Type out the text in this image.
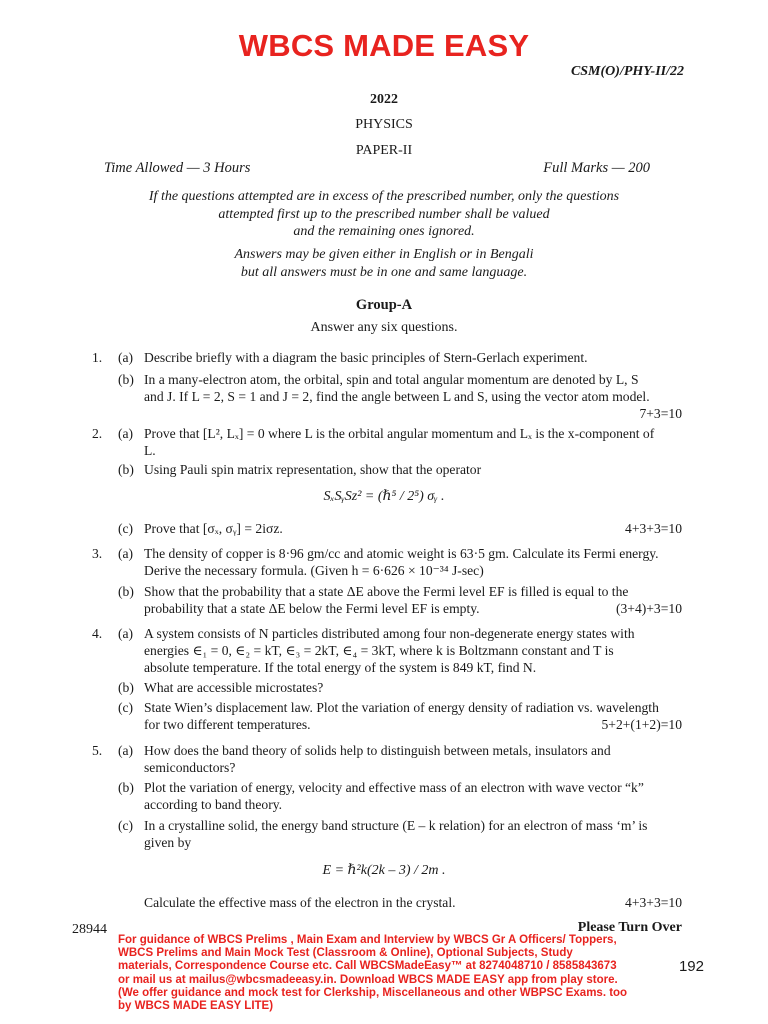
WBCS MADE EASY
CSM(O)/PHY-II/22
2022
PHYSICS
PAPER-II
Time Allowed — 3 Hours	Full Marks — 200
If the questions attempted are in excess of the prescribed number, only the questions
attempted first up to the prescribed number shall be valued
and the remaining ones ignored.
Answers may be given either in English or in Bengali
but all answers must be in one and same language.
Group-A
Answer any six questions.
1. (a) Describe briefly with a diagram the basic principles of Stern-Gerlach experiment.
(b) In a many-electron atom, the orbital, spin and total angular momentum are denoted by L, S
and J. If L = 2, S = 1 and J = 2, find the angle between L and S, using the vector atom model.
7+3=10
2. (a) Prove that [L², Lₓ] = 0 where L is the orbital angular momentum and Lₓ is the x-component of
L.
(b) Using Pauli spin matrix representation, show that the operator
SₓSᵧSz² = (ℏ⁵ / 2⁵) σᵧ .
(c) Prove that [σₓ, σᵧ] = 2iσz.	4+3+3=10
3. (a) The density of copper is 8·96 gm/cc and atomic weight is 63·5 gm. Calculate its Fermi energy.
Derive the necessary formula. (Given h = 6·626 × 10⁻³⁴ J-sec)
(b) Show that the probability that a state ΔE above the Fermi level EF is filled is equal to the
probability that a state ΔE below the Fermi level EF is empty.	(3+4)+3=10
4. (a) A system consists of N particles distributed among four non-degenerate energy states with
energies ∈₁ = 0, ∈₂ = kT, ∈₃ = 2kT, ∈₄ = 3kT, where k is Boltzmann constant and T is
absolute temperature. If the total energy of the system is 849 kT, find N.
(b) What are accessible microstates?
(c) State Wien’s displacement law. Plot the variation of energy density of radiation vs. wavelength
for two different temperatures.	5+2+(1+2)=10
5. (a) How does the band theory of solids help to distinguish between metals, insulators and
semiconductors?
(b) Plot the variation of energy, velocity and effective mass of an electron with wave vector “k”
according to band theory.
(c) In a crystalline solid, the energy band structure (E – k relation) for an electron of mass ‘m’ is
given by
E = ℏ²k(2k – 3) / 2m .
Calculate the effective mass of the electron in the crystal.	4+3+3=10
28944	Please Turn Over
For guidance of WBCS Prelims , Main Exam and Interview by WBCS Gr A Officers/ Toppers, WBCS Prelims and Main Mock Test (Classroom & Online), Optional Subjects, Study materials, Correspondence Course etc. Call WBCSMadeEasy™ at 8274048710 / 8585843673 or mail us at mailus@wbcsmadeeasy.in. Download WBCS MADE EASY app from play store. (We offer guidance and mock test for Clerkship, Miscellaneous and other WBPSC Exams. too by WBCS MADE EASY LITE)
192
